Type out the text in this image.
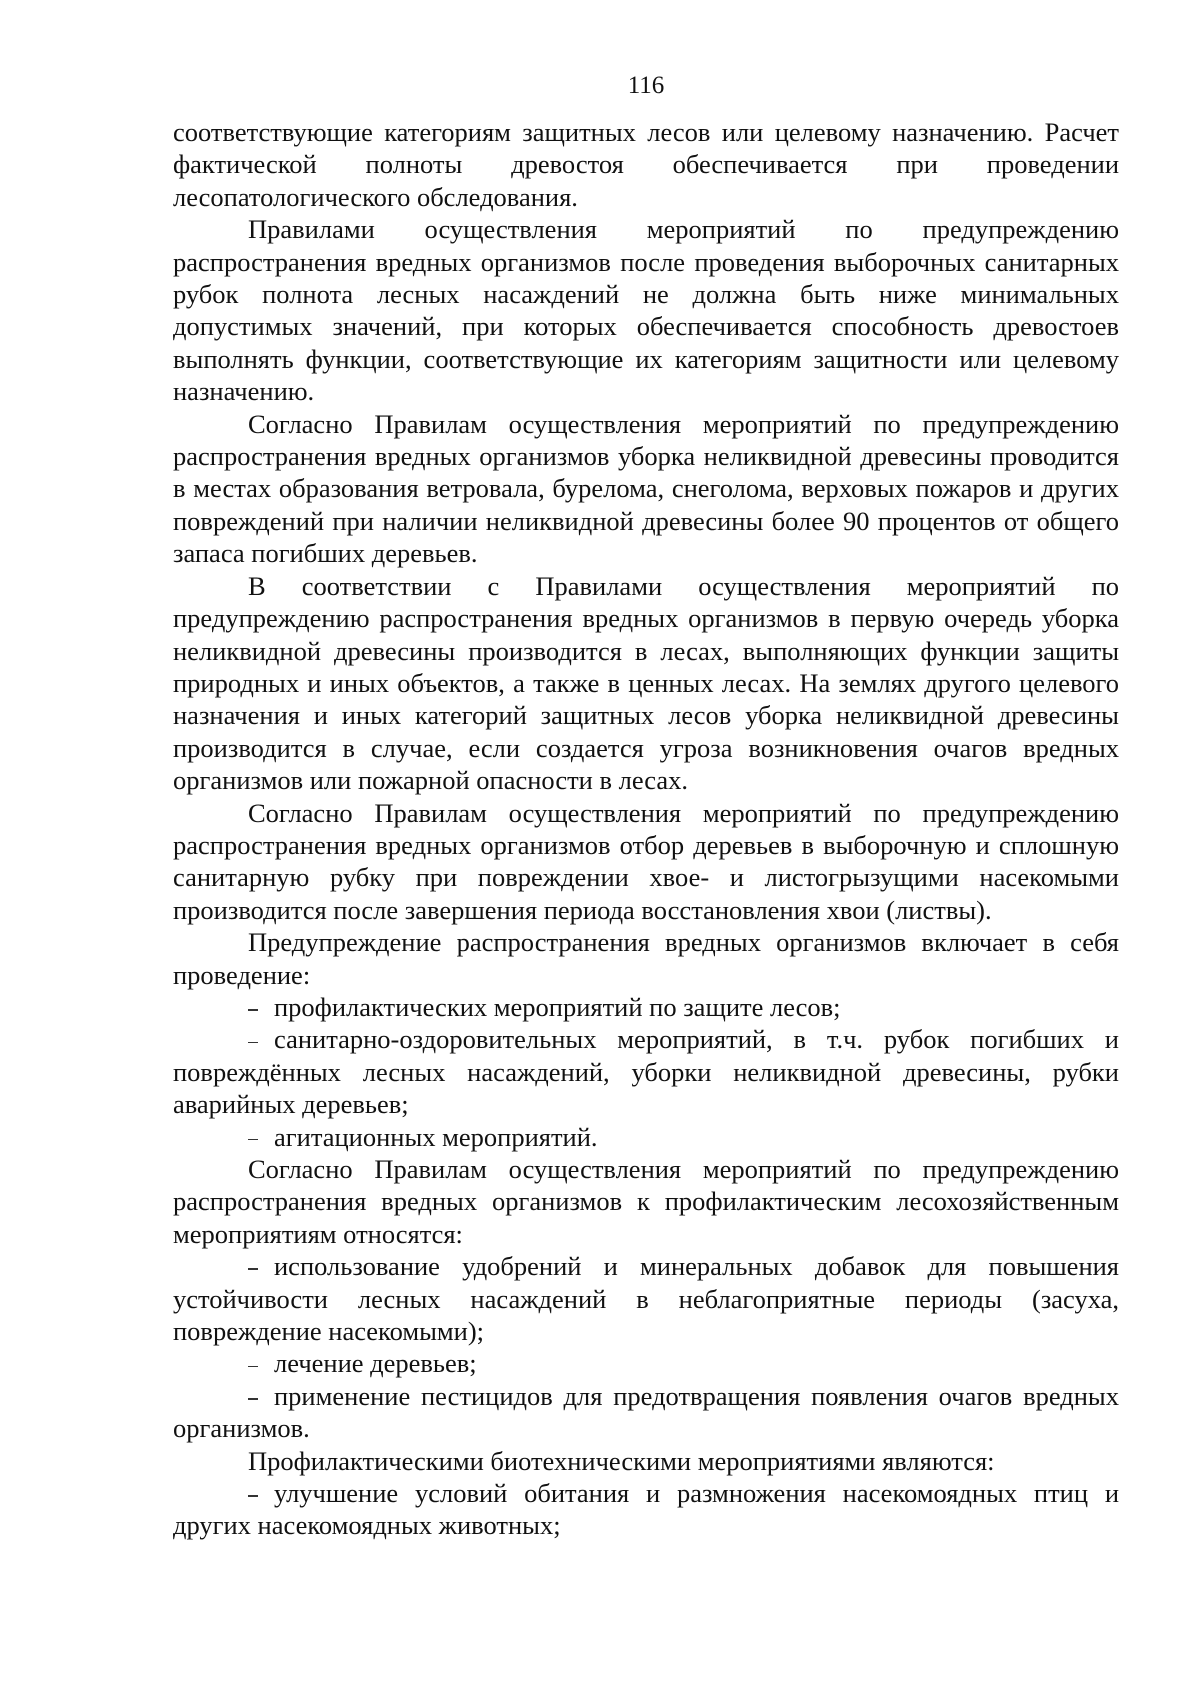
116

соответствующие категориям защитных лесов или целевому назначению. Расчет фактической полноты древостоя обеспечивается при проведении лесопатологического обследования.

Правилами осуществления мероприятий по предупреждению распространения вредных организмов после проведения выборочных санитарных рубок полнота лесных насаждений не должна быть ниже минимальных допустимых значений, при которых обеспечивается способность древостоев выполнять функции, соответствующие их категориям защитности или целевому назначению.

Согласно Правилам осуществления мероприятий по предупреждению распространения вредных организмов уборка неликвидной древесины проводится в местах образования ветровала, бурелома, снеголома, верховых пожаров и других повреждений при наличии неликвидной древесины более 90 процентов от общего запаса погибших деревьев.

В соответствии с Правилами осуществления мероприятий по предупреждению распространения вредных организмов в первую очередь уборка неликвидной древесины производится в лесах, выполняющих функции защиты природных и иных объектов, а также в ценных лесах. На землях другого целевого назначения и иных категорий защитных лесов уборка неликвидной древесины производится в случае, если создается угроза возникновения очагов вредных организмов или пожарной опасности в лесах.

Согласно Правилам осуществления мероприятий по предупреждению распространения вредных организмов отбор деревьев в выборочную и сплошную санитарную рубку при повреждении хвое- и листогрызущими насекомыми производится после завершения периода восстановления хвои (листвы).

Предупреждение распространения вредных организмов включает в себя проведение:

профилактических мероприятий по защите лесов;

санитарно-оздоровительных мероприятий, в т.ч. рубок погибших и повреждённых лесных насаждений, уборки неликвидной древесины, рубки аварийных деревьев;

агитационных мероприятий.

Согласно Правилам осуществления мероприятий по предупреждению распространения вредных организмов к профилактическим лесохозяйственным мероприятиям относятся:

использование удобрений и минеральных добавок для повышения устойчивости лесных насаждений в неблагоприятные периоды (засуха, повреждение насекомыми);

лечение деревьев;

применение пестицидов для предотвращения появления очагов вредных организмов.

Профилактическими биотехническими мероприятиями являются:

улучшение условий обитания и размножения насекомоядных птиц и других насекомоядных животных;
